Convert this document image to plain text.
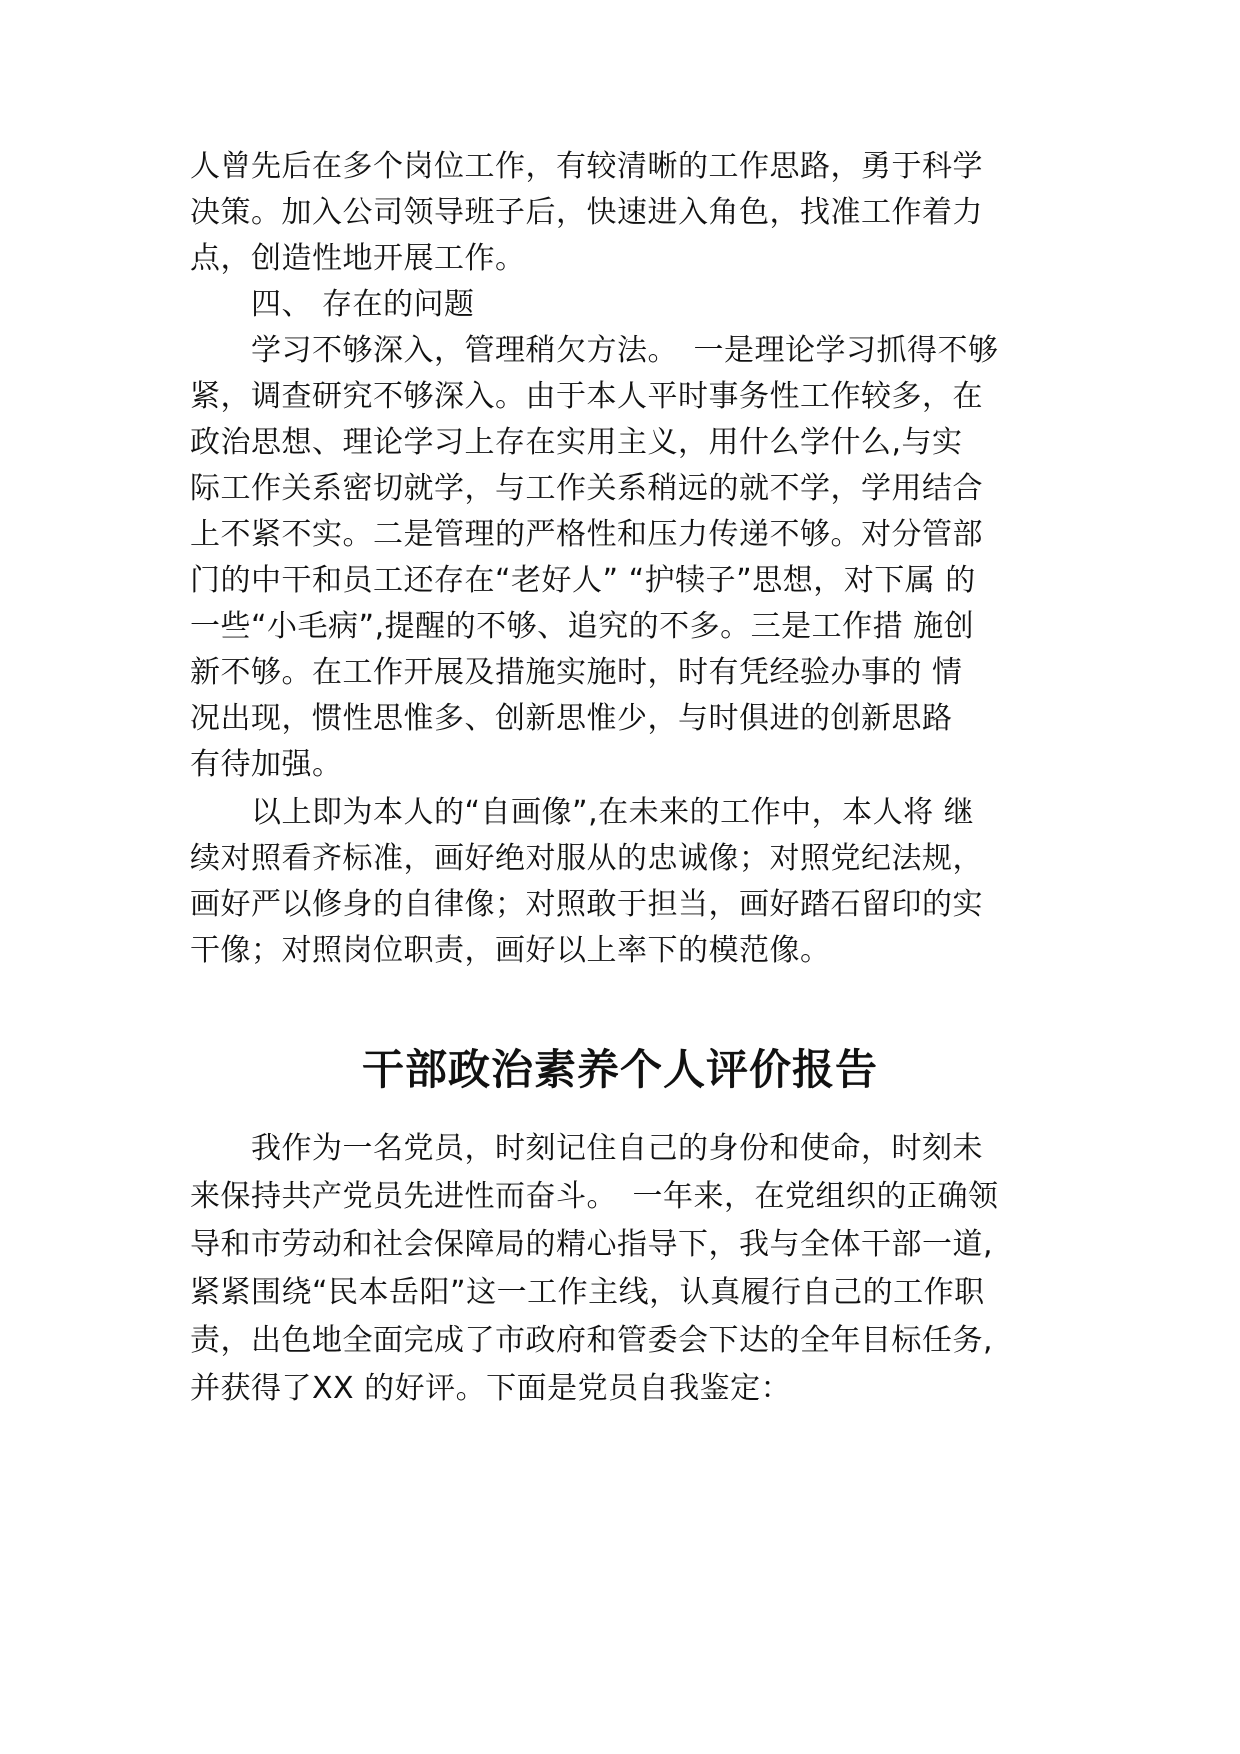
人曾先后在多个岗位工作，有较清晰的工作思路，勇于科学
决策。加入公司领导班子后，快速进入角色，找准工作着力
点，创造性地开展工作。
　　四、 存在的问题
　　学习不够深入，管理稍欠方法。　一是理论学习抓得不够
紧，调查研究不够深入。由于本人平时事务性工作较多，在
政治思想、理论学习上存在实用主义，用什么学什么,与实
际工作关系密切就学，与工作关系稍远的就不学，学用结合
上不紧不实。二是管理的严格性和压力传递不够。对分管部
门的中干和员工还存在“老好人” “护犊子”思想，对下属 的
一些“小毛病”,提醒的不够、追究的不多。三是工作措 施创
新不够。在工作开展及措施实施时，时有凭经验办事的 情
况出现，惯性思惟多、创新思惟少，与时俱进的创新思路
有待加强。
　　以上即为本人的“自画像”,在未来的工作中，本人将 继
续对照看齐标准，画好绝对服从的忠诚像；对照党纪法规，
画好严以修身的自律像；对照敢于担当，画好踏石留印的实
干像；对照岗位职责，画好以上率下的模范像。
干部政治素养个人评价报告
　　我作为一名党员，时刻记住自己的身份和使命，时刻未
来保持共产党员先进性而奋斗。　一年来，在党组织的正确领
导和市劳动和社会保障局的精心指导下，我与全体干部一道,
紧紧围绕“民本岳阳”这一工作主线，认真履行自己的工作职
责，出色地全面完成了市政府和管委会下达的全年目标任务,
并获得了XX 的好评。下面是党员自我鉴定：
